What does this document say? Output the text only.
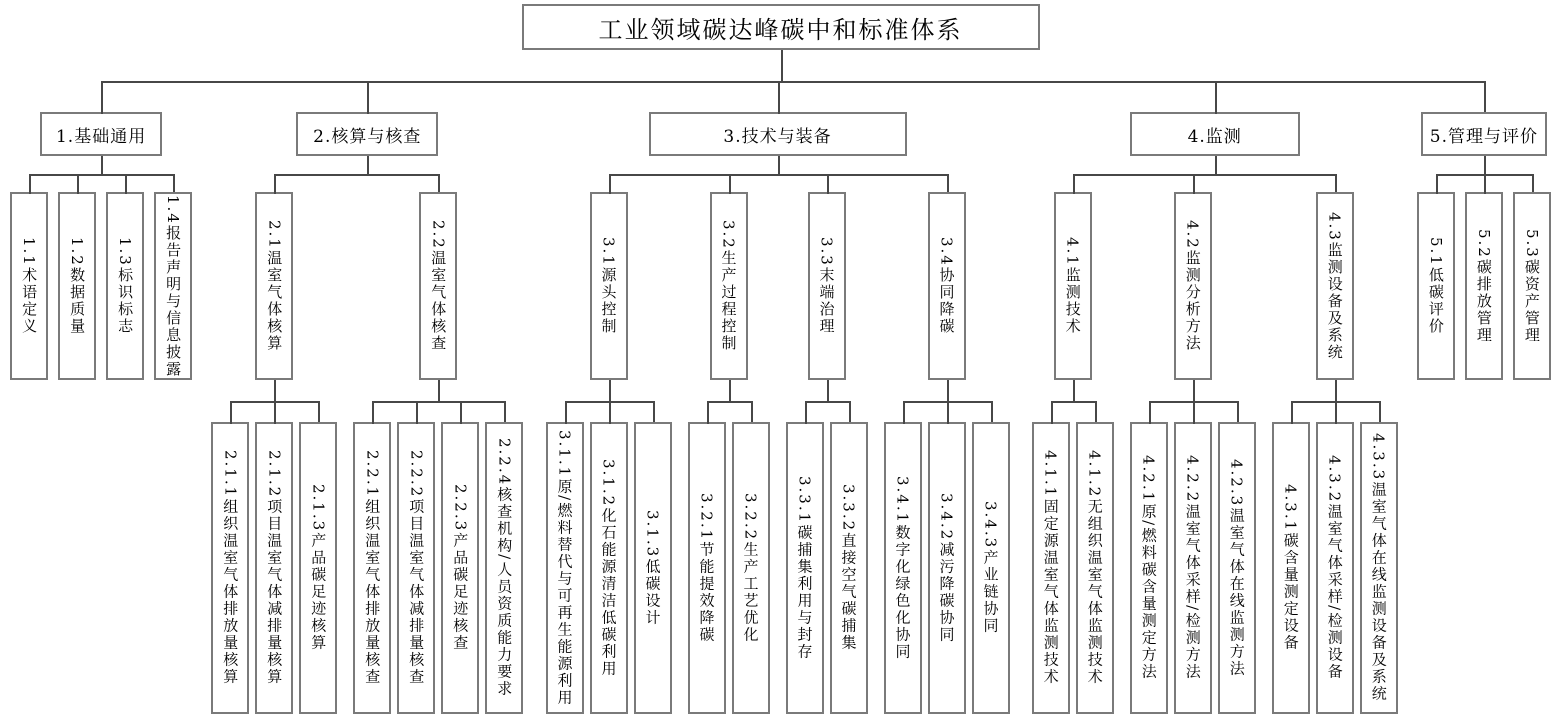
工业领域碳达峰碳中和标准体系
1.基础通用
1.1术语定义 1.2数据质量 1.3标识标志 1.4报告声明与信息披露
2.核算与核查
2.1温室气体核算
2.1.1组织温室气体排放量核算 2.1.2项目温室气体减排量核算 2.1.3产品碳足迹核算
2.2温室气体核查
2.2.1组织温室气体排放量核查 2.2.2项目温室气体减排量核查 2.2.3产品碳足迹核查 2.2.4核查机构/人员资质能力要求
3.技术与装备
3.1源头控制
3.1.1原/燃料替代与可再生能源利用 3.1.2化石能源清洁低碳利用 3.1.3低碳设计
3.2生产过程控制
3.2.1节能提效降碳 3.2.2生产工艺优化
3.3末端治理
3.3.1碳捕集利用与封存 3.3.2直接空气碳捕集
3.4协同降碳
3.4.1数字化绿色化协同 3.4.2减污降碳协同 3.4.3产业链协同
4.监测
4.1监测技术
4.1.1固定源温室气体监测技术 4.1.2无组织温室气体监测技术
4.2监测分析方法
4.2.1原/燃料碳含量测定方法 4.2.2温室气体采样/检测方法 4.2.3温室气体在线监测方法
4.3监测设备及系统
4.3.1碳含量测定设备 4.3.2温室气体采样/检测设备 4.3.3温室气体在线监测设备及系统
5.管理与评价
5.1低碳评价 5.2碳排放管理 5.3碳资产管理
